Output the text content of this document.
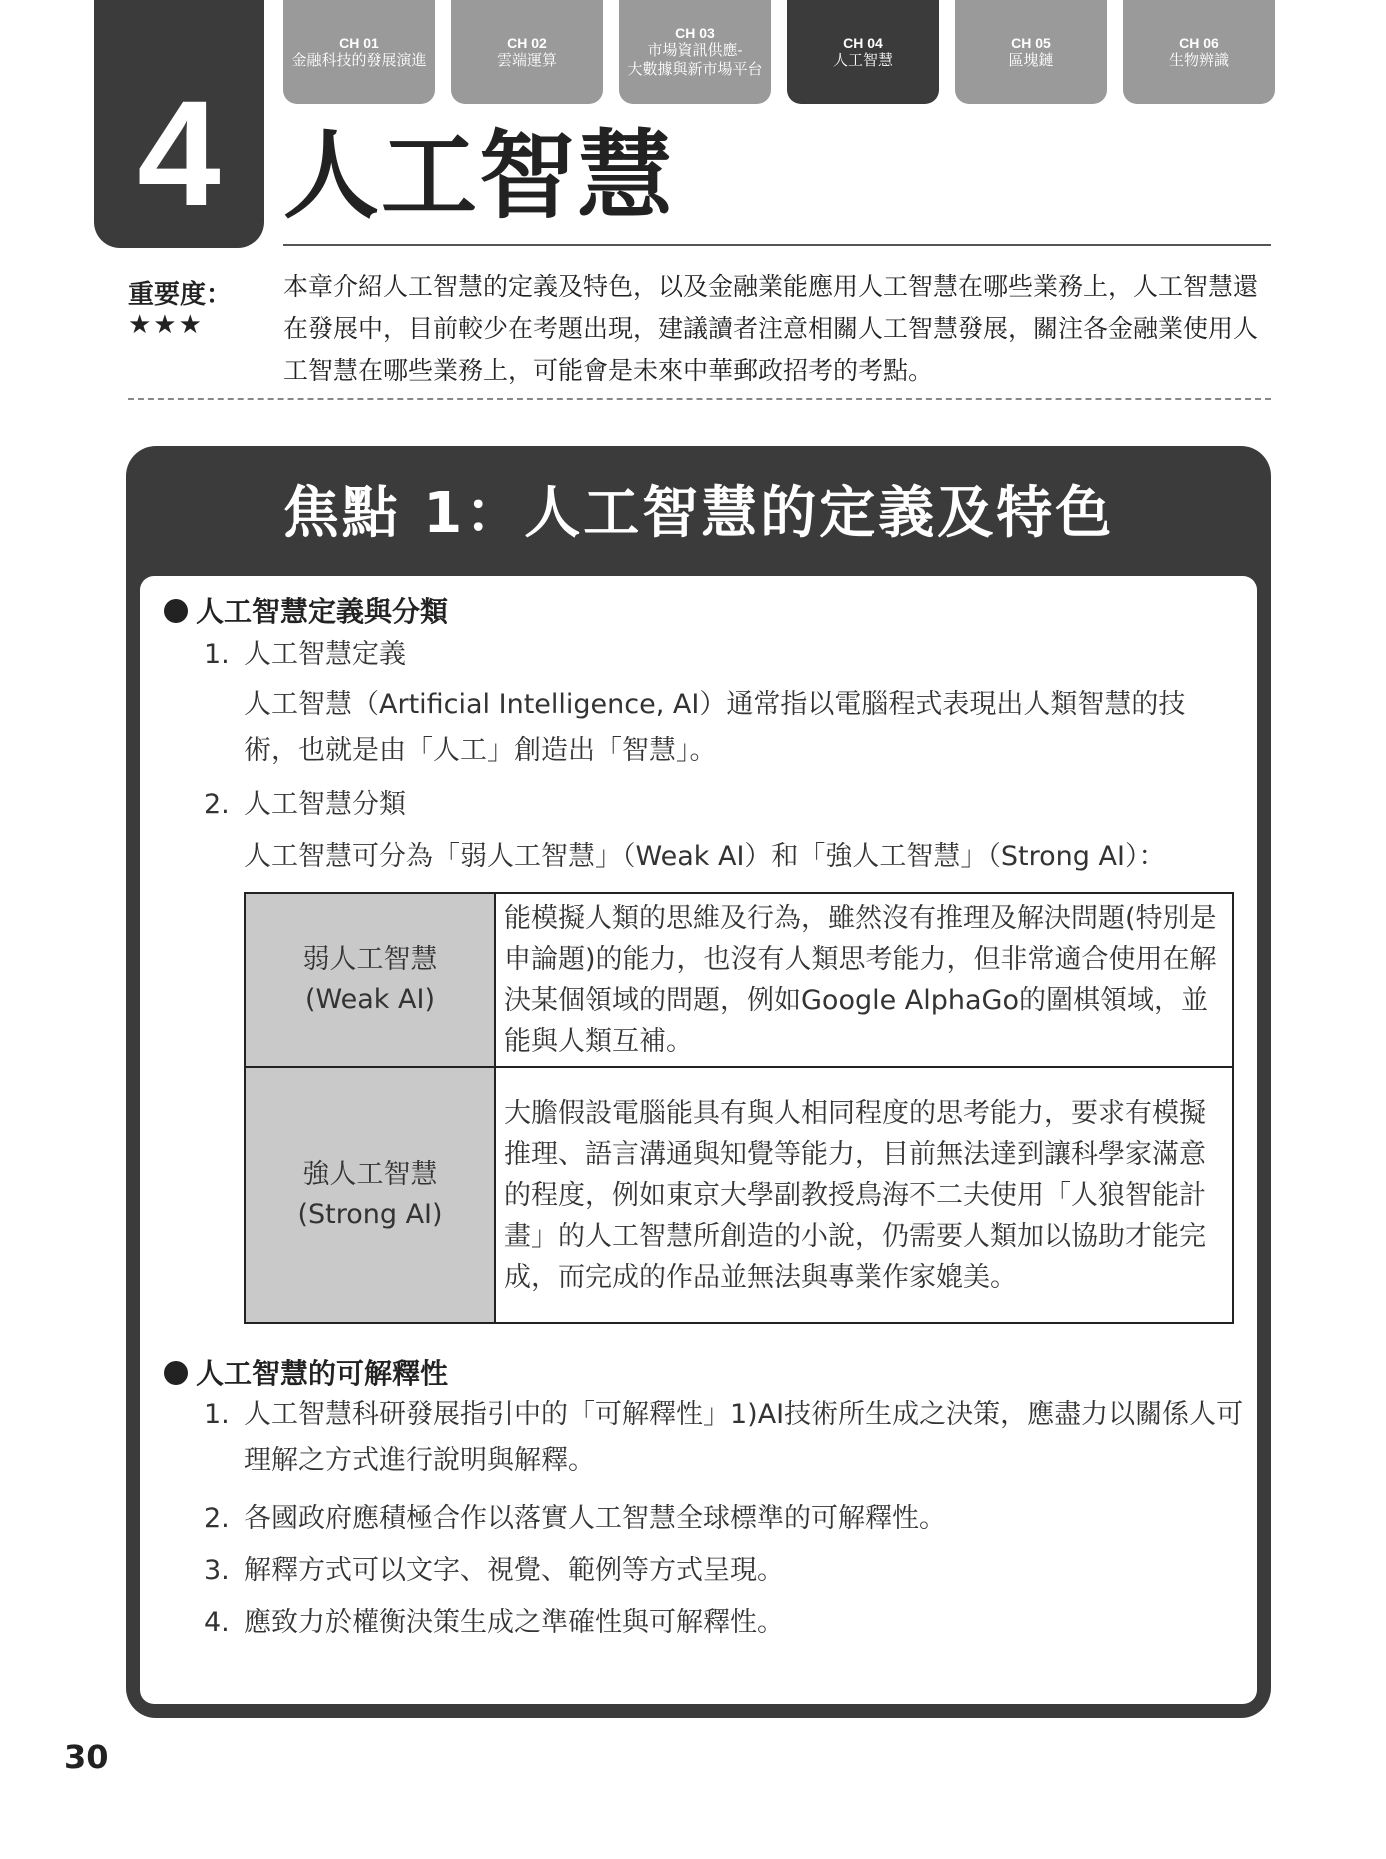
4
CH 01
金融科技的發展演進
CH 02
雲端運算
CH 03
市場資訊供應-
大數據與新市場平台
CH 04
人工智慧
CH 05
區塊鏈
CH 06
生物辨識
人工智慧
重要度：
★★★
本章介紹人工智慧的定義及特色，以及金融業能應用人工智慧在哪些業務上，人工智慧還在發展中，目前較少在考題出現，建議讀者注意相關人工智慧發展，關注各金融業使用人工智慧在哪些業務上，可能會是未來中華郵政招考的考點。
焦點 1：人工智慧的定義及特色
人工智慧定義與分類
1. 人工智慧定義
人工智慧（Artificial Intelligence, AI）通常指以電腦程式表現出人類智慧的技術，也就是由「人工」創造出「智慧」。
2. 人工智慧分類
人工智慧可分為「弱人工智慧」（Weak AI）和「強人工智慧」（Strong AI）：
弱人工智慧
(Weak AI)	能模擬人類的思維及行為，雖然沒有推理及解決問題(特別是申論題)的能力，也沒有人類思考能力，但非常適合使用在解決某個領域的問題，例如Google AlphaGo的圍棋領域，並能與人類互補。

強人工智慧
(Strong AI)	大膽假設電腦能具有與人相同程度的思考能力，要求有模擬推理、語言溝通與知覺等能力，目前無法達到讓科學家滿意的程度，例如東京大學副教授鳥海不二夫使用「人狼智能計畫」的人工智慧所創造的小說，仍需要人類加以協助才能完成，而完成的作品並無法與專業作家媲美。
人工智慧的可解釋性
1. 人工智慧科研發展指引中的「可解釋性」1)AI技術所生成之決策，應盡力以關係人可理解之方式進行說明與解釋。
2. 各國政府應積極合作以落實人工智慧全球標準的可解釋性。
3. 解釋方式可以文字、視覺、範例等方式呈現。
4. 應致力於權衡決策生成之準確性與可解釋性。
30
